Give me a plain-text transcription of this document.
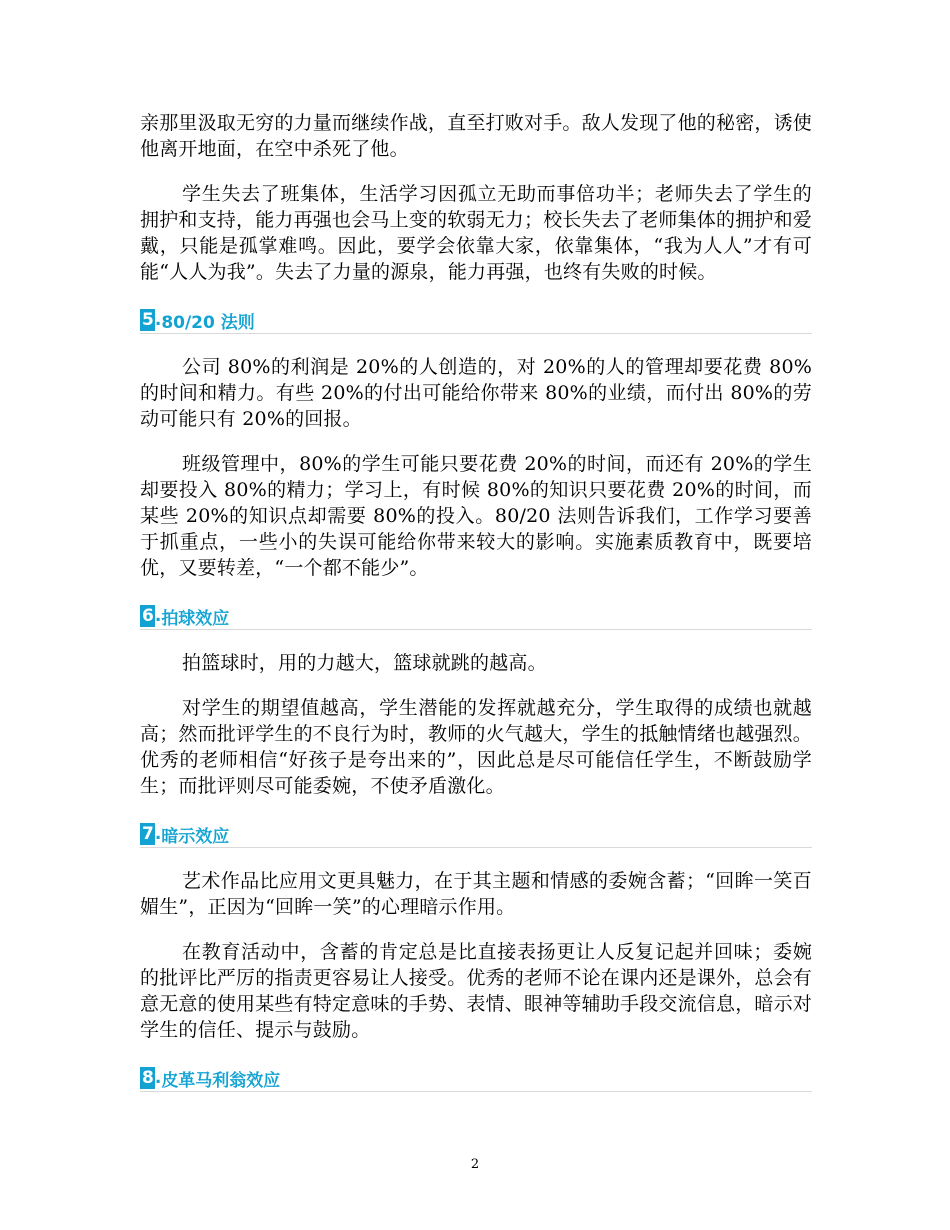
亲那里汲取无穷的力量而继续作战，直至打败对手。敌人发现了他的秘密，诱使他离开地面，在空中杀死了他。

学生失去了班集体，生活学习因孤立无助而事倍功半；老师失去了学生的拥护和支持，能力再强也会马上变的软弱无力；校长失去了老师集体的拥护和爱戴，只能是孤掌难鸣。因此，要学会依靠大家，依靠集体，“我为人人”才有可能“人人为我”。失去了力量的源泉，能力再强，也终有失败的时候。

5 . 80/20 法则

公司 80%的利润是 20%的人创造的，对 20%的人的管理却要花费 80%的时间和精力。有些 20%的付出可能给你带来 80%的业绩，而付出 80%的劳动可能只有 20%的回报。

班级管理中，80%的学生可能只要花费 20%的时间，而还有 20%的学生却要投入 80%的精力；学习上，有时候 80%的知识只要花费 20%的时间，而某些 20%的知识点却需要 80%的投入。80/20 法则告诉我们，工作学习要善于抓重点，一些小的失误可能给你带来较大的影响。实施素质教育中，既要培优，又要转差，“一个都不能少”。

6 . 拍球效应

拍篮球时，用的力越大，篮球就跳的越高。

对学生的期望值越高，学生潜能的发挥就越充分，学生取得的成绩也就越高；然而批评学生的不良行为时，教师的火气越大，学生的抵触情绪也越强烈。优秀的老师相信“好孩子是夸出来的”，因此总是尽可能信任学生，不断鼓励学生；而批评则尽可能委婉，不使矛盾激化。

7 . 暗示效应

艺术作品比应用文更具魅力，在于其主题和情感的委婉含蓄；“回眸一笑百媚生”，正因为“回眸一笑”的心理暗示作用。

在教育活动中，含蓄的肯定总是比直接表扬更让人反复记起并回味；委婉的批评比严厉的指责更容易让人接受。优秀的老师不论在课内还是课外，总会有意无意的使用某些有特定意味的手势、表情、眼神等辅助手段交流信息，暗示对学生的信任、提示与鼓励。

8 . 皮革马利翁效应
2
